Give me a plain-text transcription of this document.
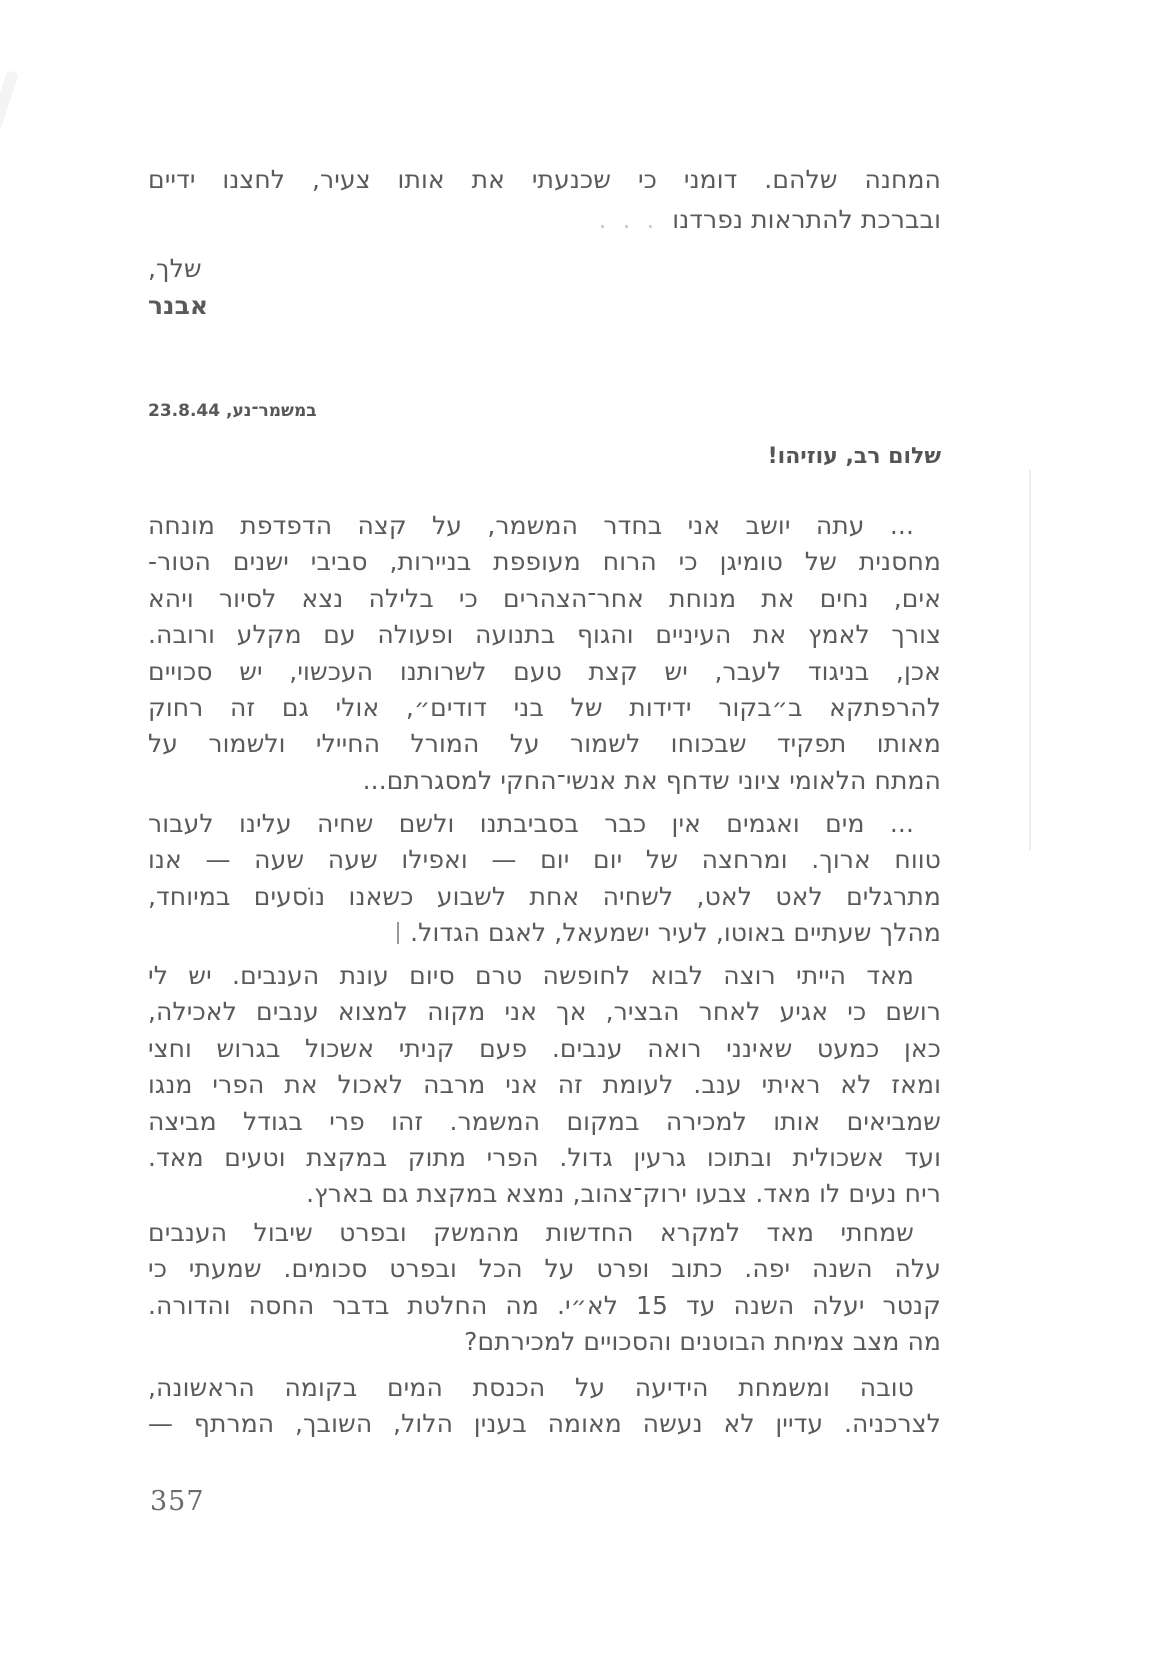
המחנה שלהם. דומני כי שכנעתי את אותו צעיר, לחצנו ידיים
ובברכת להתראות נפרדנו. . .
שלך,
אבנר
במשמר־נע, 23.8.44
שלום רב, עוזיהו!
... עתה יושב אני בחדר המשמר, על קצה הדפדפת מונחה
מחסנית של טומיגן כי הרוח מעופפת בניירות, סביבי ישנים הטור-
אים, נחים את מנוחת אחר־הצהרים כי בלילה נצא לסיור ויהא
צורך לאמץ את העיניים והגוף בתנועה ופעולה עם מקלע ורובה.
אכן, בניגוד לעבר, יש קצת טעם לשרותנו העכשוי, יש סכויים
להרפתקא ב״בקור ידידות של בני דודים״, אולי גם זה רחוק
מאותו תפקיד שבכוחו לשמור על המורל החיילי ולשמור על
המתח הלאומי ציוני שדחף את אנשי־החקי למסגרתם...
... מים ואגמים אין כבר בסביבתנו ולשם שחיה עלינו לעבור
טווח ארוך. ומרחצה של יום יום — ואפילו שעה שעה — אנו
מתרגלים לאט לאט, לשחיה אחת לשבוע כשאנו נוֹסעים במיוחד,
מהלך שעתיים באוטו, לעיר ישמעאל, לאגם הגדול.
מאד הייתי רוצה לבוא לחופשה טרם סיום עונת הענבים. יש לי
רושם כי אגיע לאחר הבציר, אך אני מקוה למצוא ענבים לאכילה,
כאן כמעט שאינני רואה ענבים. פעם קניתי אשכול בגרוש וחצי
ומאז לא ראיתי ענב. לעומת זה אני מרבה לאכול את הפרי מנגו
שמביאים אותו למכירה במקום המשמר. זהו פרי בגודל מביצה
ועד אשכולית ובתוכו גרעין גדול. הפרי מתוק במקצת וטעים מאד.
ריח נעים לו מאד. צבעו ירוק־צהוב, נמצא במקצת גם בארץ.
שמחתי מאד למקרא החדשות מהמשק ובפרט שיבול הענבים
עלה השנה יפה. כתוב ופרט על הכל ובפרט סכומים. שמעתי כי
קנטר יעלה השנה עד 15 לא״י. מה החלטת בדבר החסה והדורה.
מה מצב צמיחת הבוטנים והסכויים למכירתם?
טובה ומשמחת הידיעה על הכנסת המים בקומה הראשונה,
לצרכניה. עדיין לא נעשה מאומה בענין הלול, השובך, המרתף —
357
